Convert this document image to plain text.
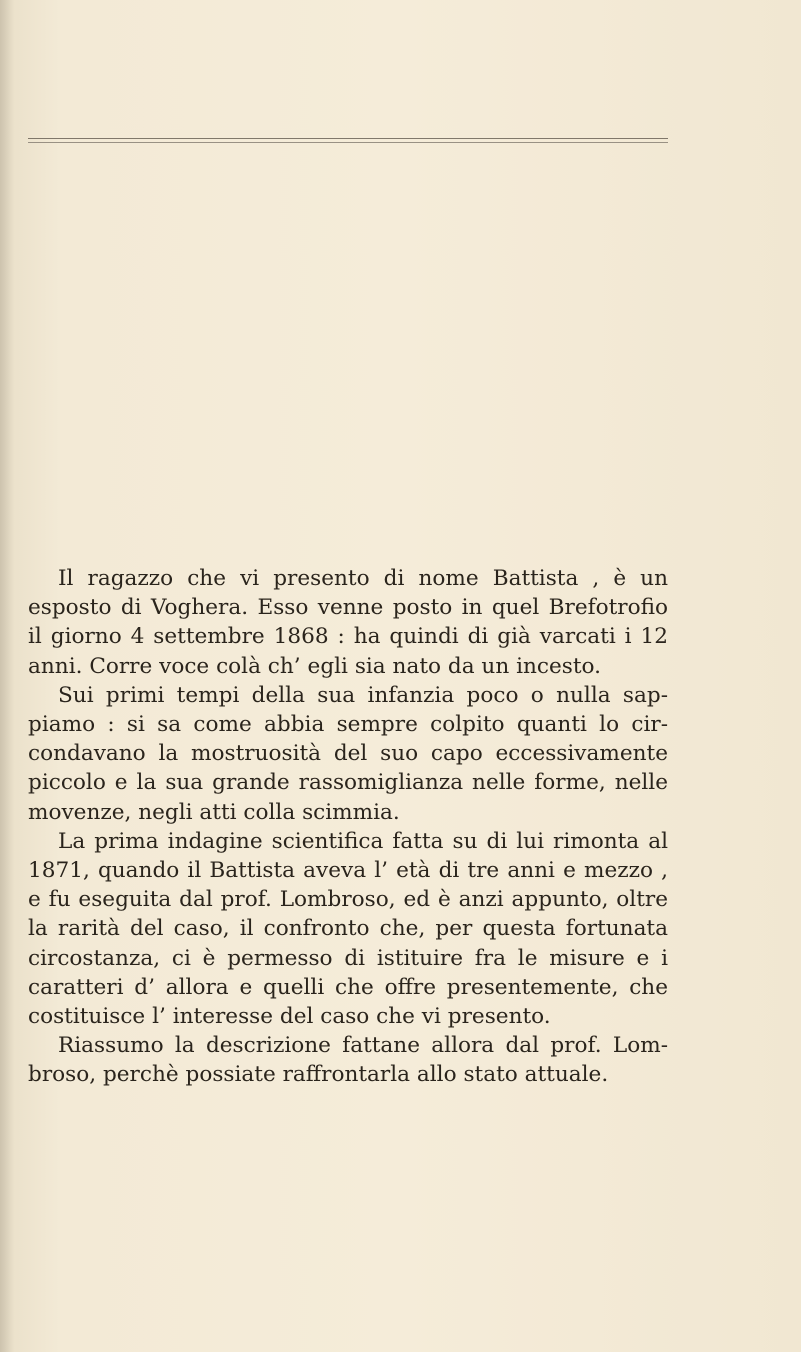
Il ragazzo che vi presento di nome Battista , è un esposto di Voghera. Esso venne posto in quel Brefotrofio il giorno 4 settembre 1868 : ha quindi di già varcati i 12 anni. Corre voce colà ch’ egli sia nato da un incesto.

Sui primi tempi della sua infanzia poco o nulla sappiamo : si sa come abbia sempre colpito quanti lo circondavano la mostruosità del suo capo eccessivamente piccolo e la sua grande rassomiglianza nelle forme, nelle movenze, negli atti colla scimmia.

La prima indagine scientifica fatta su di lui rimonta al 1871, quando il Battista aveva l’ età di tre anni e mezzo , e fu eseguita dal prof. Lombroso, ed è anzi appunto, oltre la rarità del caso, il confronto che, per questa fortunata circostanza, ci è permesso di istituire fra le misure e i caratteri d’ allora e quelli che offre presentemente, che costituisce l’ interesse del caso che vi presento.

Riassumo la descrizione fattane allora dal prof. Lombroso, perchè possiate raffrontarla allo stato attuale.
